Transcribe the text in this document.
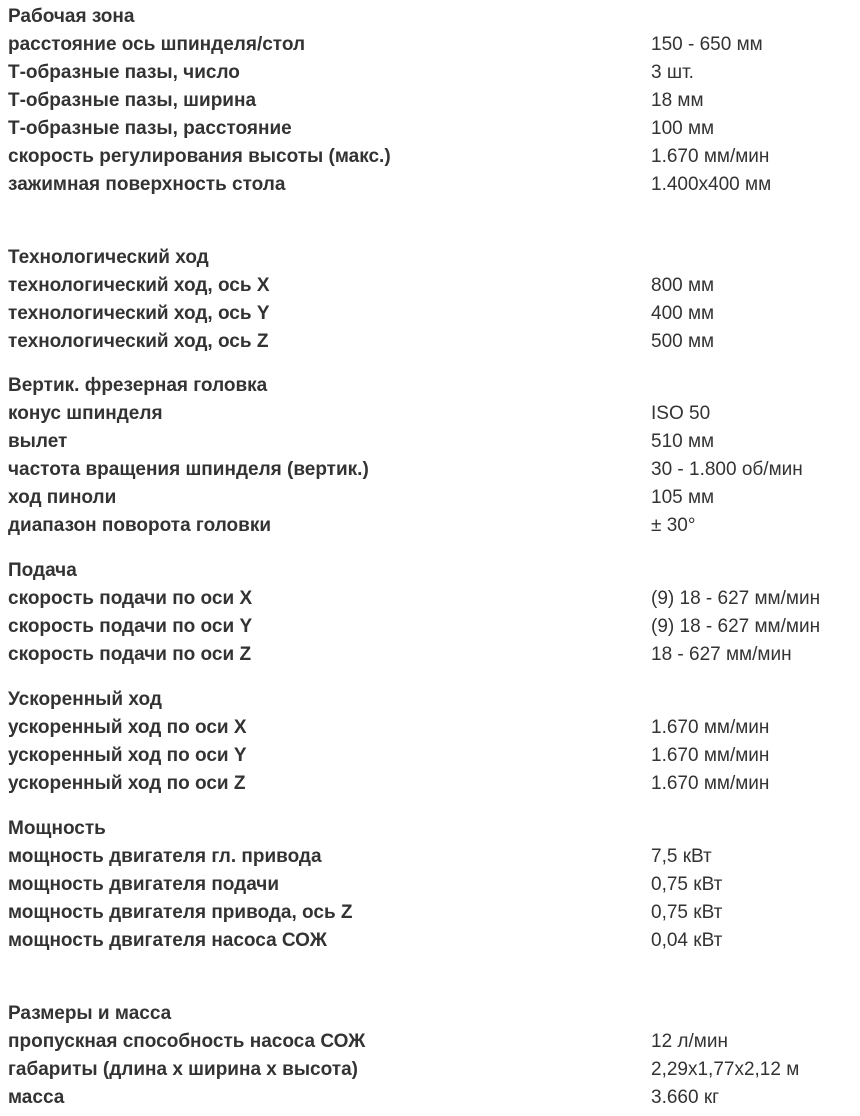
Рабочая зона
расстояние ось шпинделя/стол	150 - 650 мм
Т-образные пазы, число	3 шт.
Т-образные пазы, ширина	18 мм
Т-образные пазы, расстояние	100 мм
скорость регулирования высоты (макс.)	1.670 мм/мин
зажимная поверхность стола	1.400х400 мм
Технологический ход
технологический ход, ось X	800 мм
технологический ход, ось Y	400 мм
технологический ход, ось Z	500 мм
Вертик. фрезерная головка
конус шпинделя	ISO 50
вылет	510 мм
частота вращения шпинделя (вертик.)	30 - 1.800 об/мин
ход пиноли	105 мм
диапазон поворота головки	± 30°
Подача
скорость подачи по оси X	(9) 18 - 627 мм/мин
скорость подачи по оси Y	(9) 18 - 627 мм/мин
скорость подачи по оси Z	18 - 627 мм/мин
Ускоренный ход
ускоренный ход по оси X	1.670 мм/мин
ускоренный ход по оси Y	1.670 мм/мин
ускоренный ход по оси Z	1.670 мм/мин
Мощность
мощность двигателя гл. привода	7,5 кВт
мощность двигателя подачи	0,75 кВт
мощность двигателя привода, ось Z	0,75 кВт
мощность двигателя насоса СОЖ	0,04 кВт
Размеры и масса
пропускная способность насоса СОЖ	12 л/мин
габариты (длина x ширина x высота)	2,29x1,77x2,12 м
масса	3.660 кг
